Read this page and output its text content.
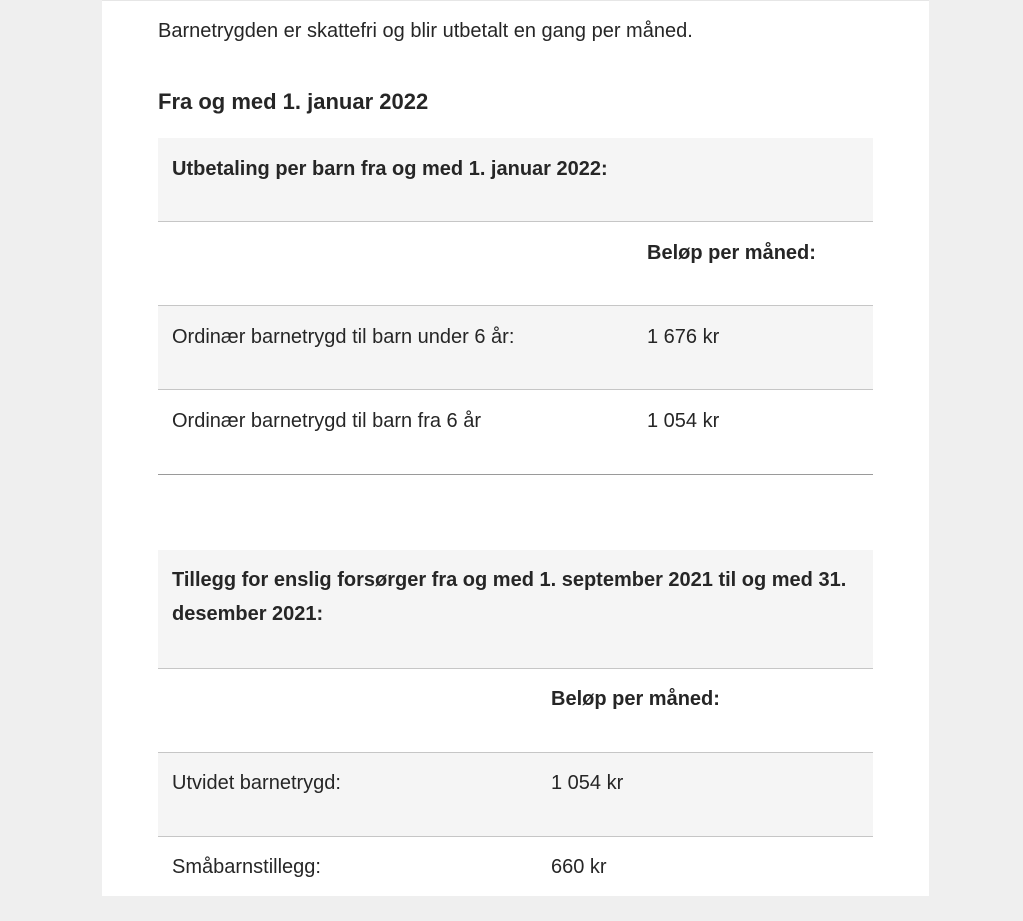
Barnetrygden er skattefri og blir utbetalt en gang per måned.

Fra og med 1. januar 2022
Utbetaling per barn fra og med 1. januar 2022:
Beløp per måned:
Ordinær barnetrygd til barn under 6 år:	1 676 kr
Ordinær barnetrygd til barn fra 6 år	1 054 kr
Tillegg for enslig forsørger fra og med 1. september 2021 til og med 31. desember 2021:
Beløp per måned:
Utvidet barnetrygd:	1 054 kr
Småbarnstillegg:	660 kr
